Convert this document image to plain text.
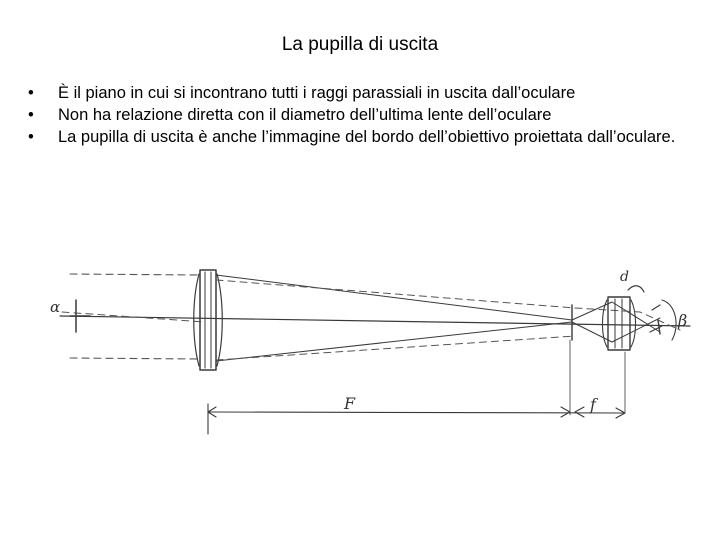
La pupilla di uscita
• È il piano in cui si incontrano tutti i raggi parassiali in uscita dall’oculare
• Non ha relazione diretta con il diametro dell’ultima lente dell’oculare
• La pupilla di uscita è anche l’immagine del bordo dell’obiettivo proiettata dall’oculare.
α
β
d
F	f
